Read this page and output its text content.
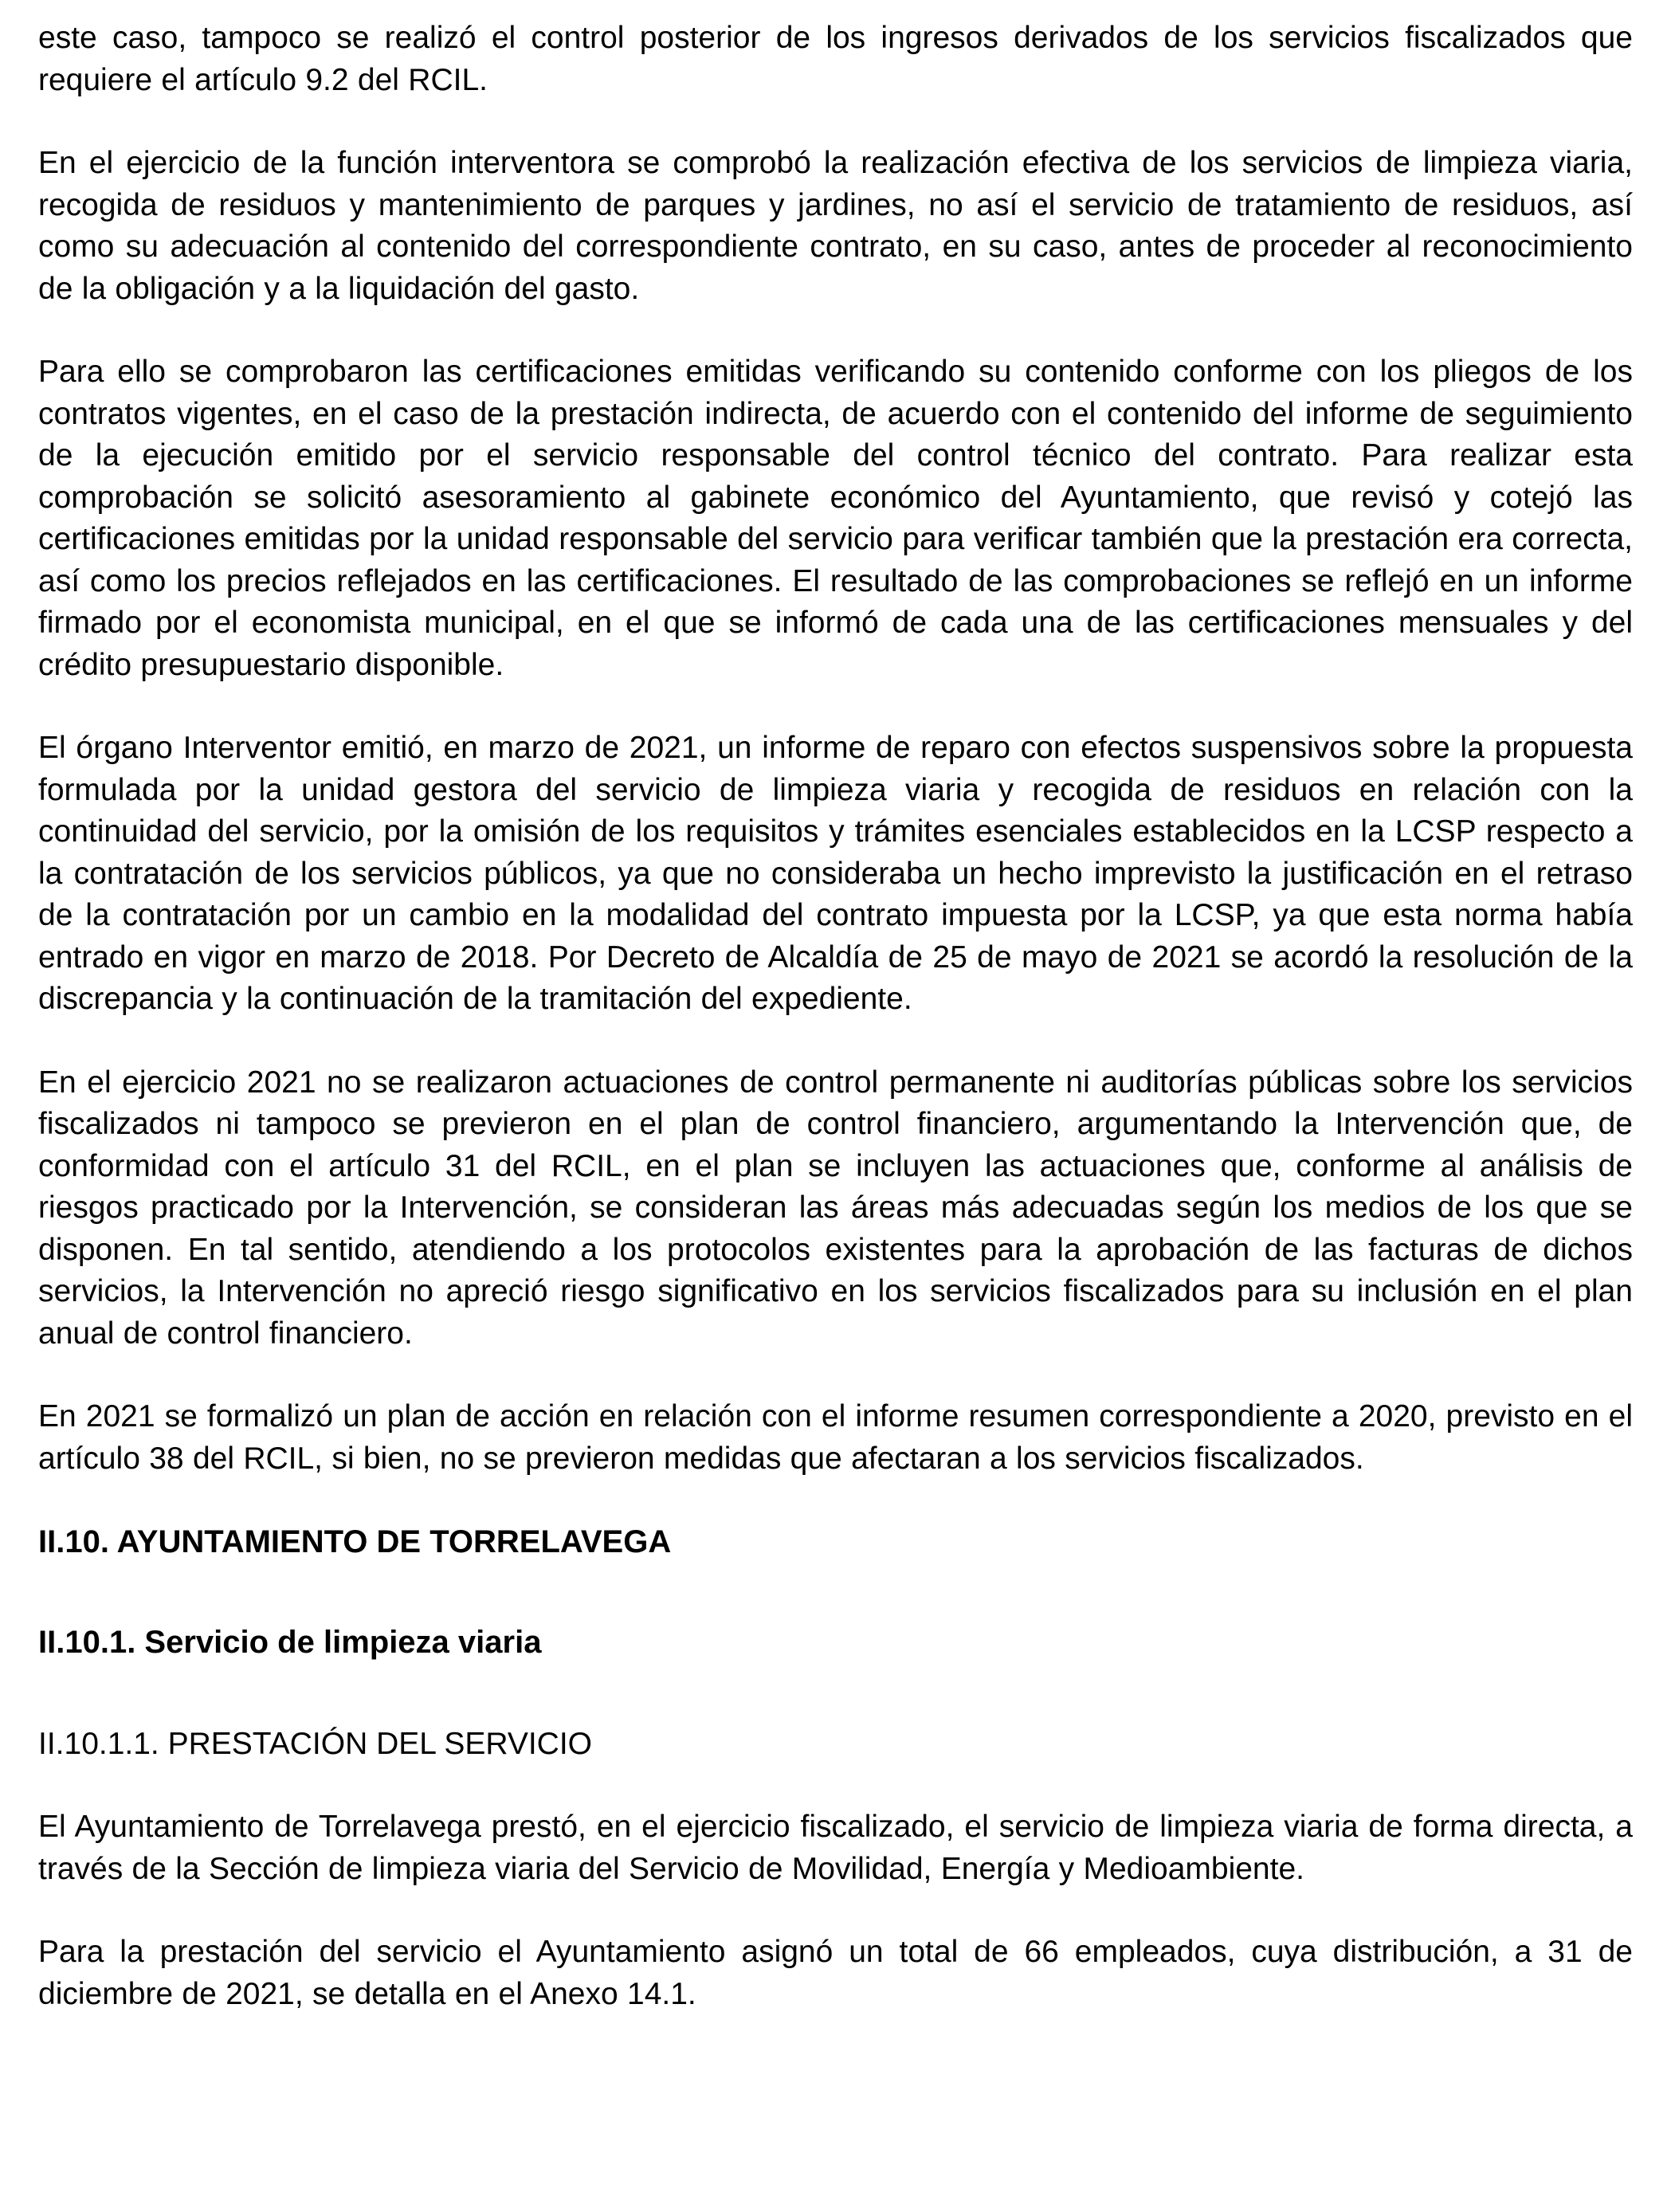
este caso, tampoco se realizó el control posterior de los ingresos derivados de los servicios fiscalizados que requiere el artículo 9.2 del RCIL.

En el ejercicio de la función interventora se comprobó la realización efectiva de los servicios de limpieza viaria, recogida de residuos y mantenimiento de parques y jardines, no así el servicio de tratamiento de residuos, así como su adecuación al contenido del correspondiente contrato, en su caso, antes de proceder al reconocimiento de la obligación y a la liquidación del gasto.

Para ello se comprobaron las certificaciones emitidas verificando su contenido conforme con los pliegos de los contratos vigentes, en el caso de la prestación indirecta, de acuerdo con el contenido del informe de seguimiento de la ejecución emitido por el servicio responsable del control técnico del contrato. Para realizar esta comprobación se solicitó asesoramiento al gabinete económico del Ayuntamiento, que revisó y cotejó las certificaciones emitidas por la unidad responsable del servicio para verificar también que la prestación era correcta, así como los precios reflejados en las certificaciones. El resultado de las comprobaciones se reflejó en un informe firmado por el economista municipal, en el que se informó de cada una de las certificaciones mensuales y del crédito presupuestario disponible.

El órgano Interventor emitió, en marzo de 2021, un informe de reparo con efectos suspensivos sobre la propuesta formulada por la unidad gestora del servicio de limpieza viaria y recogida de residuos en relación con la continuidad del servicio, por la omisión de los requisitos y trámites esenciales establecidos en la LCSP respecto a la contratación de los servicios públicos, ya que no consideraba un hecho imprevisto la justificación en el retraso de la contratación por un cambio en la modalidad del contrato impuesta por la LCSP, ya que esta norma había entrado en vigor en marzo de 2018. Por Decreto de Alcaldía de 25 de mayo de 2021 se acordó la resolución de la discrepancia y la continuación de la tramitación del expediente.

En el ejercicio 2021 no se realizaron actuaciones de control permanente ni auditorías públicas sobre los servicios fiscalizados ni tampoco se previeron en el plan de control financiero, argumentando la Intervención que, de conformidad con el artículo 31 del RCIL, en el plan se incluyen las actuaciones que, conforme al análisis de riesgos practicado por la Intervención, se consideran las áreas más adecuadas según los medios de los que se disponen. En tal sentido, atendiendo a los protocolos existentes para la aprobación de las facturas de dichos servicios, la Intervención no apreció riesgo significativo en los servicios fiscalizados para su inclusión en el plan anual de control financiero.

En 2021 se formalizó un plan de acción en relación con el informe resumen correspondiente a 2020, previsto en el artículo 38 del RCIL, si bien, no se previeron medidas que afectaran a los servicios fiscalizados.

II.10. AYUNTAMIENTO DE TORRELAVEGA
II.10.1. Servicio de limpieza viaria
II.10.1.1. PRESTACIÓN DEL SERVICIO

El Ayuntamiento de Torrelavega prestó, en el ejercicio fiscalizado, el servicio de limpieza viaria de forma directa, a través de la Sección de limpieza viaria del Servicio de Movilidad, Energía y Medioambiente.

Para la prestación del servicio el Ayuntamiento asignó un total de 66 empleados, cuya distribución, a 31 de diciembre de 2021, se detalla en el Anexo 14.1.
